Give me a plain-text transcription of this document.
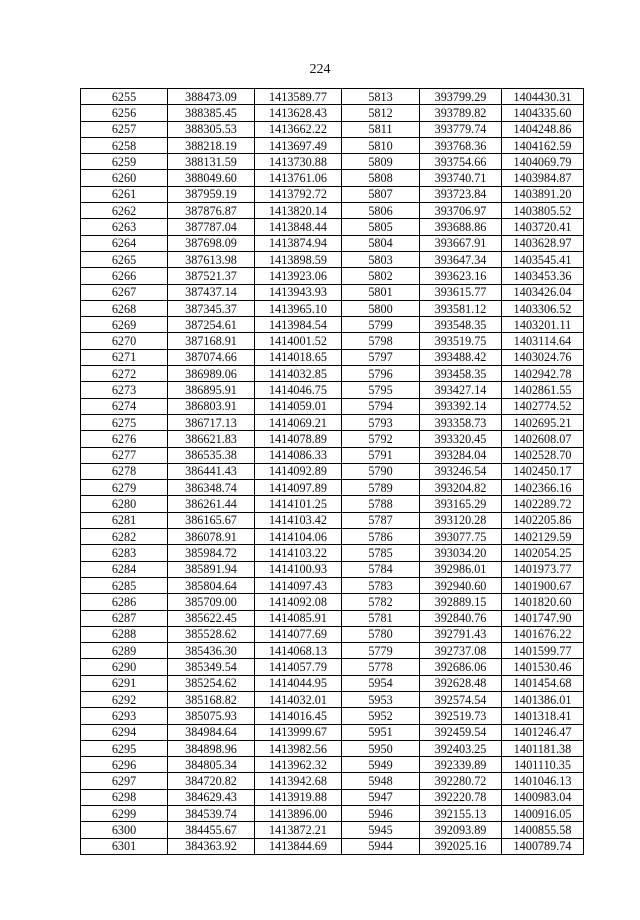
224
6255	388473.09	1413589.77	5813	393799.29	1404430.31
6256	388385.45	1413628.43	5812	393789.82	1404335.60
6257	388305.53	1413662.22	5811	393779.74	1404248.86
6258	388218.19	1413697.49	5810	393768.36	1404162.59
6259	388131.59	1413730.88	5809	393754.66	1404069.79
6260	388049.60	1413761.06	5808	393740.71	1403984.87
6261	387959.19	1413792.72	5807	393723.84	1403891.20
6262	387876.87	1413820.14	5806	393706.97	1403805.52
6263	387787.04	1413848.44	5805	393688.86	1403720.41
6264	387698.09	1413874.94	5804	393667.91	1403628.97
6265	387613.98	1413898.59	5803	393647.34	1403545.41
6266	387521.37	1413923.06	5802	393623.16	1403453.36
6267	387437.14	1413943.93	5801	393615.77	1403426.04
6268	387345.37	1413965.10	5800	393581.12	1403306.52
6269	387254.61	1413984.54	5799	393548.35	1403201.11
6270	387168.91	1414001.52	5798	393519.75	1403114.64
6271	387074.66	1414018.65	5797	393488.42	1403024.76
6272	386989.06	1414032.85	5796	393458.35	1402942.78
6273	386895.91	1414046.75	5795	393427.14	1402861.55
6274	386803.91	1414059.01	5794	393392.14	1402774.52
6275	386717.13	1414069.21	5793	393358.73	1402695.21
6276	386621.83	1414078.89	5792	393320.45	1402608.07
6277	386535.38	1414086.33	5791	393284.04	1402528.70
6278	386441.43	1414092.89	5790	393246.54	1402450.17
6279	386348.74	1414097.89	5789	393204.82	1402366.16
6280	386261.44	1414101.25	5788	393165.29	1402289.72
6281	386165.67	1414103.42	5787	393120.28	1402205.86
6282	386078.91	1414104.06	5786	393077.75	1402129.59
6283	385984.72	1414103.22	5785	393034.20	1402054.25
6284	385891.94	1414100.93	5784	392986.01	1401973.77
6285	385804.64	1414097.43	5783	392940.60	1401900.67
6286	385709.00	1414092.08	5782	392889.15	1401820.60
6287	385622.45	1414085.91	5781	392840.76	1401747.90
6288	385528.62	1414077.69	5780	392791.43	1401676.22
6289	385436.30	1414068.13	5779	392737.08	1401599.77
6290	385349.54	1414057.79	5778	392686.06	1401530.46
6291	385254.62	1414044.95	5954	392628.48	1401454.68
6292	385168.82	1414032.01	5953	392574.54	1401386.01
6293	385075.93	1414016.45	5952	392519.73	1401318.41
6294	384984.64	1413999.67	5951	392459.54	1401246.47
6295	384898.96	1413982.56	5950	392403.25	1401181.38
6296	384805.34	1413962.32	5949	392339.89	1401110.35
6297	384720.82	1413942.68	5948	392280.72	1401046.13
6298	384629.43	1413919.88	5947	392220.78	1400983.04
6299	384539.74	1413896.00	5946	392155.13	1400916.05
6300	384455.67	1413872.21	5945	392093.89	1400855.58
6301	384363.92	1413844.69	5944	392025.16	1400789.74
